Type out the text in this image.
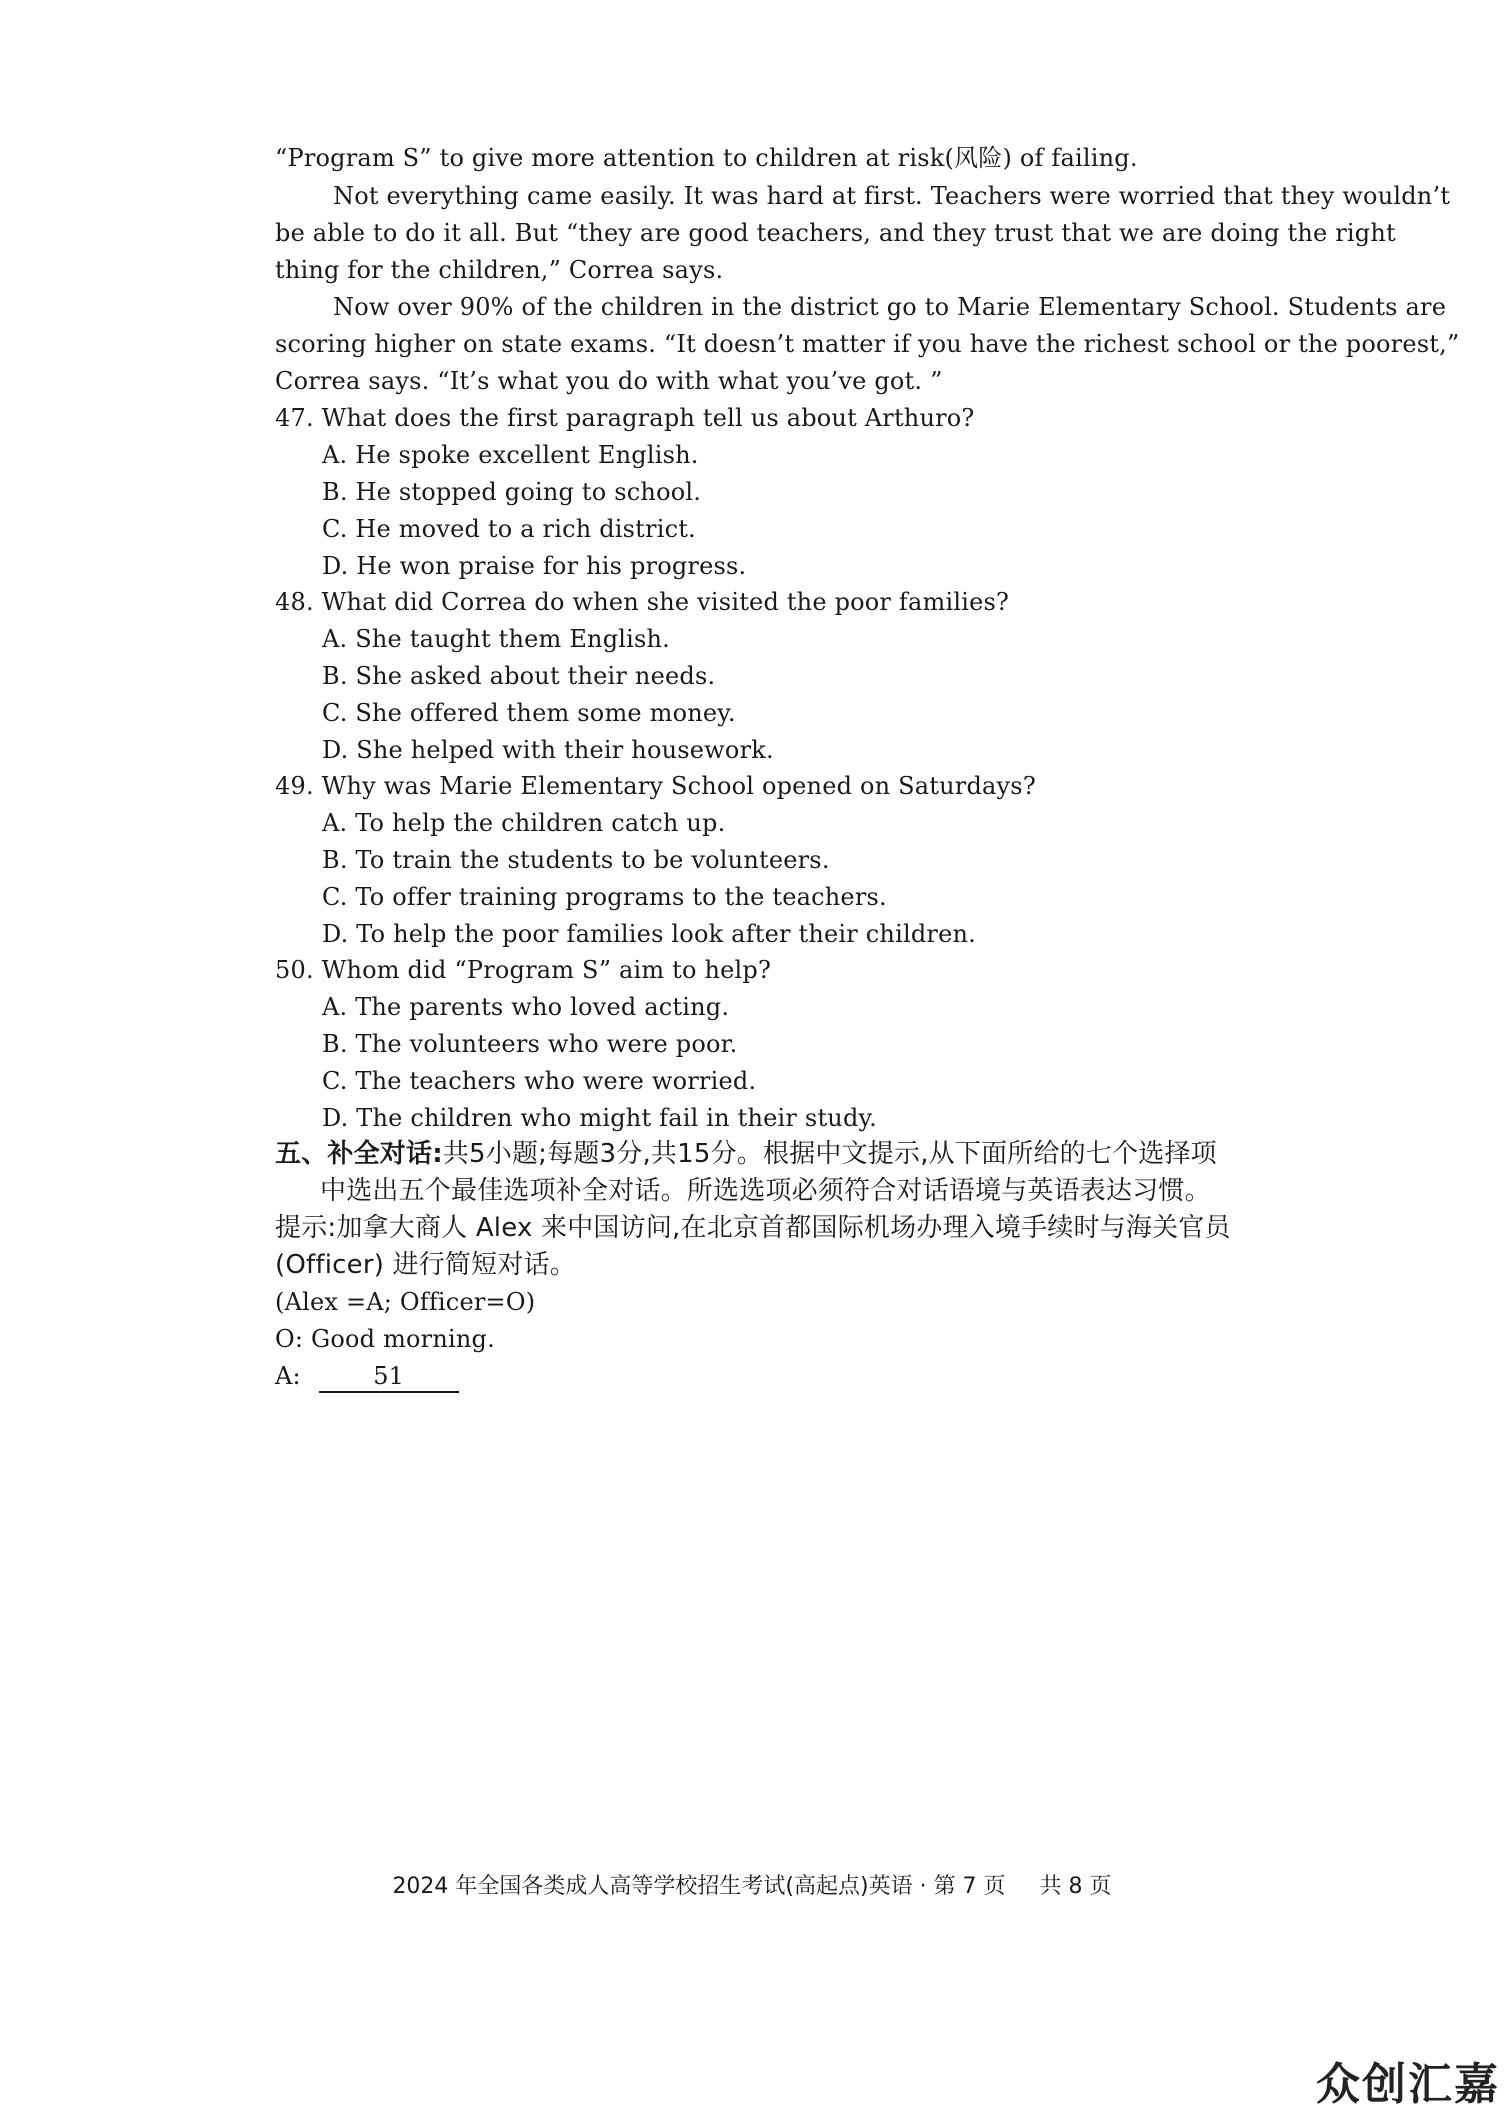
“Program S” to give more attention to children at risk(风险) of failing.
Not everything came easily. It was hard at first. Teachers were worried that they wouldn’t
be able to do it all. But “they are good teachers, and they trust that we are doing the right
thing for the children,” Correa says.
Now over 90% of the children in the district go to Marie Elementary School. Students are
scoring higher on state exams. “It doesn’t matter if you have the richest school or the poorest,”
Correa says. “It’s what you do with what you’ve got. ”
47. What does the first paragraph tell us about Arthuro?
A. He spoke excellent English.
B. He stopped going to school.
C. He moved to a rich district.
D. He won praise for his progress.
48. What did Correa do when she visited the poor families?
A. She taught them English.
B. She asked about their needs.
C. She offered them some money.
D. She helped with their housework.
49. Why was Marie Elementary School opened on Saturdays?
A. To help the children catch up.
B. To train the students to be volunteers.
C. To offer training programs to the teachers.
D. To help the poor families look after their children.
50. Whom did “Program S” aim to help?
A. The parents who loved acting.
B. The volunteers who were poor.
C. The teachers who were worried.
D. The children who might fail in their study.
五、补全对话:共5小题;每题3分,共15分。根据中文提示,从下面所给的七个选择项
中选出五个最佳选项补全对话。所选选项必须符合对话语境与英语表达习惯。
提示:加拿大商人 Alex 来中国访问,在北京首都国际机场办理入境手续时与海关官员
(Officer) 进行简短对话。
(Alex =A; Officer=O)
O: Good morning.
A:	51
2024 年全国各类成人高等学校招生考试(高起点)英语 · 第 7 页 共 8 页
众创汇嘉
